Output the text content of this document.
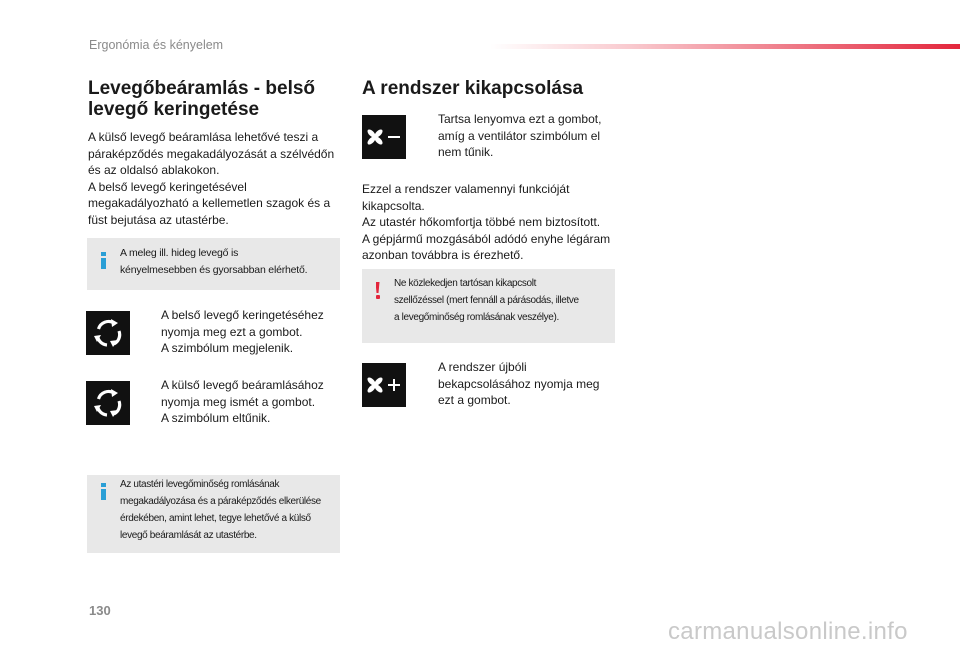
Ergonómia és kényelem
Levegőbeáramlás - belső
levegő keringetése
A külső levegő beáramlása lehetővé teszi a
páraképződés megakadályozását a szélvédőn
és az oldalsó ablakokon.
A belső levegő keringetésével
megakadályozható a kellemetlen szagok és a
füst bejutása az utastérbe.
A meleg ill. hideg levegő is
kényelmesebben és gyorsabban elérhető.
A belső levegő keringetéséhez
nyomja meg ezt a gombot.
A szimbólum megjelenik.
A külső levegő beáramlásához
nyomja meg ismét a gombot.
A szimbólum eltűnik.
Az utastéri levegőminőség romlásának
megakadályozása és a páraképződés elkerülése
érdekében, amint lehet, tegye lehetővé a külső
levegő beáramlását az utastérbe.
A rendszer kikapcsolása
Tartsa lenyomva ezt a gombot,
amíg a ventilátor szimbólum el
nem tűnik.
Ezzel a rendszer valamennyi funkcióját
kikapcsolta.
Az utastér hőkomfortja többé nem biztosított.
A gépjármű mozgásából adódó enyhe légáram
azonban továbbra is érezhető.
Ne közlekedjen tartósan kikapcsolt
szellőzéssel (mert fennáll a párásodás, illetve
a levegőminőség romlásának veszélye).
A rendszer újbóli
bekapcsolásához nyomja meg
ezt a gombot.
130
carmanualsonline.info
